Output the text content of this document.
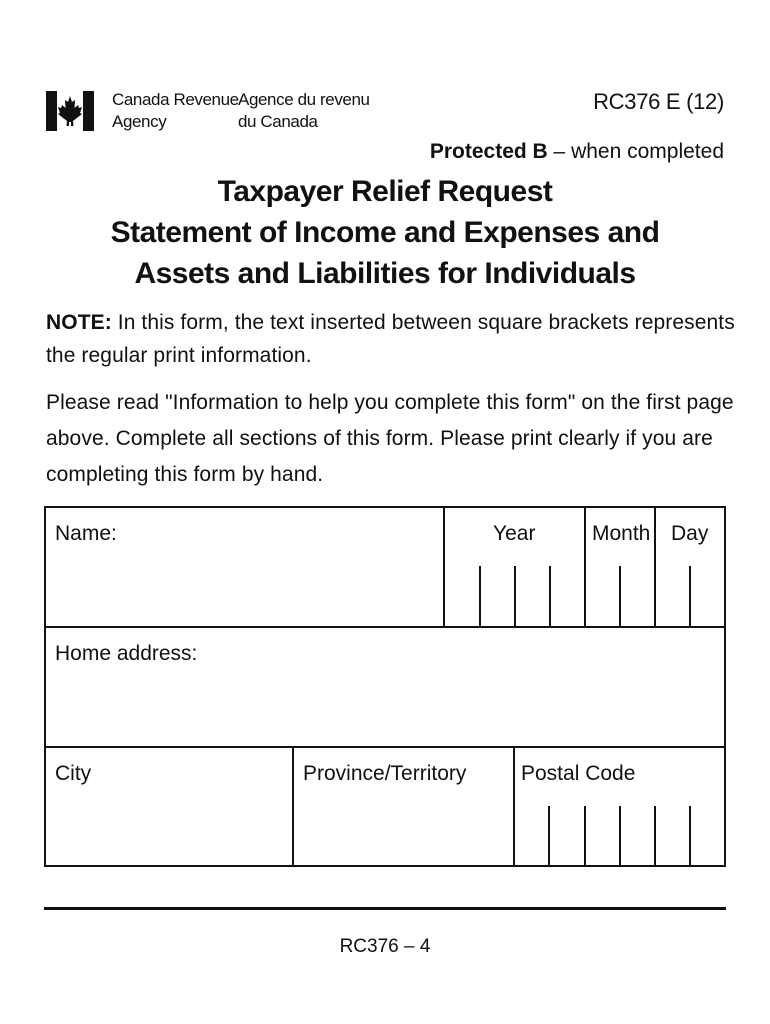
Canada Revenue
Agency
Agence du revenu
du Canada
RC376 E (12)
Protected B – when completed
Taxpayer Relief Request
Statement of Income and Expenses and
Assets and Liabilities for Individuals
NOTE: In this form, the text inserted between square brackets represents the regular print information.
Please read "Information to help you complete this form" on the first page above. Complete all sections of this form. Please print clearly if you are completing this form by hand.
Name:	Year	Month Day
Home address:
City	Province/Territory	Postal Code
RC376 – 4
